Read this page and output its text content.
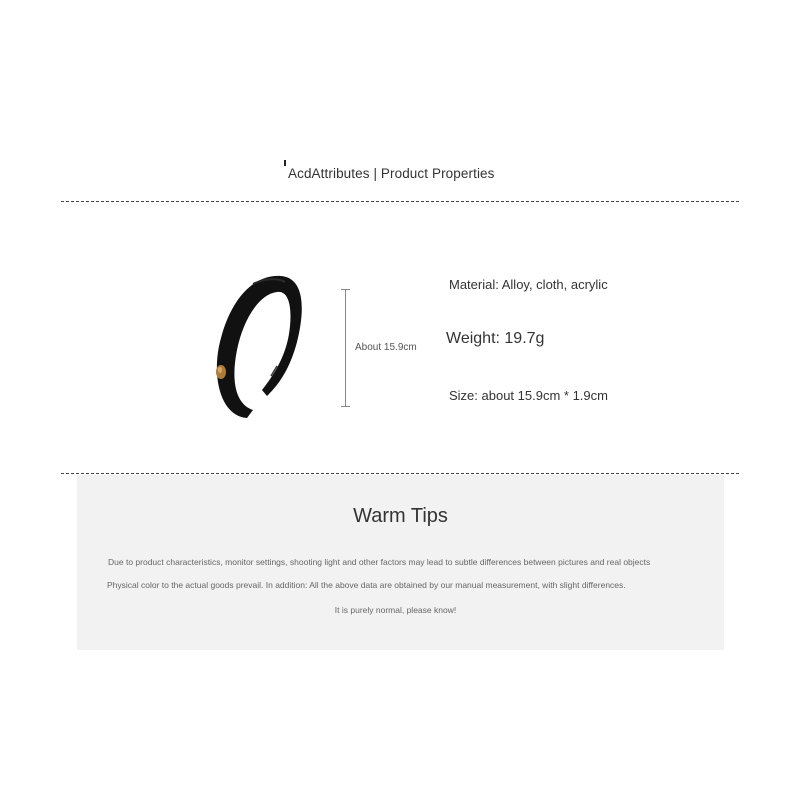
AcdAttributes | Product Properties
About 15.9cm
Material: Alloy, cloth, acrylic
Weight: 19.7g
Size: about 15.9cm * 1.9cm
Warm Tips
Due to product characteristics, monitor settings, shooting light and other factors may lead to subtle differences between pictures and real objects
Physical color to the actual goods prevail. In addition: All the above data are obtained by our manual measurement, with slight differences.
It is purely normal, please know!
